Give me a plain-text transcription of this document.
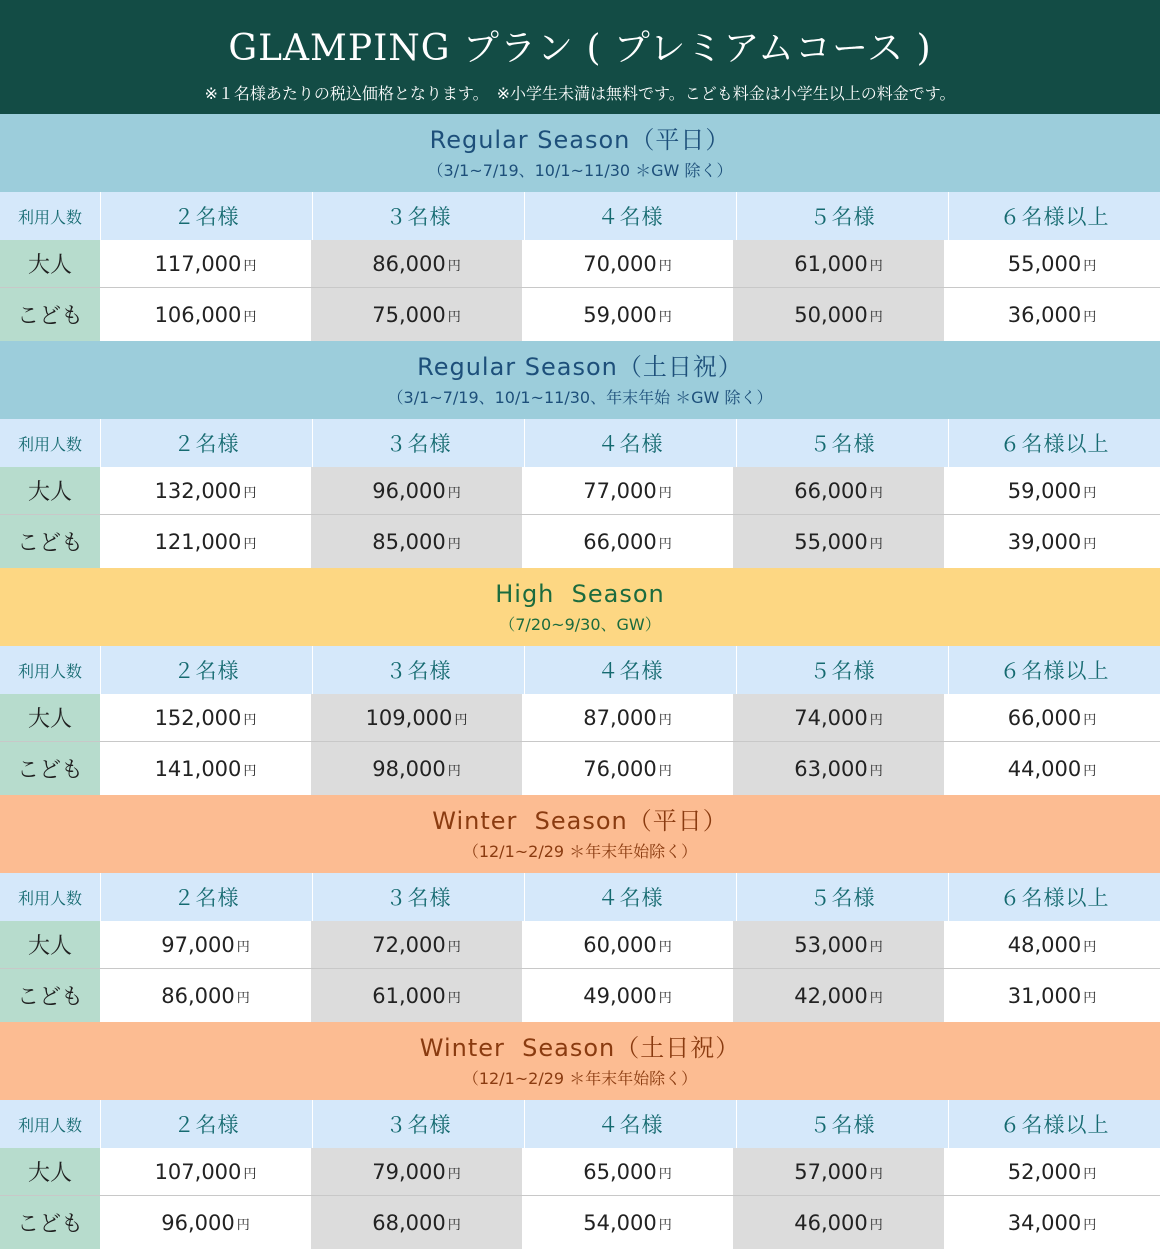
GLAMPING プラン ( プレミアムコース )
※１名様あたりの税込価格となります。　※小学生未満は無料です。こども料金は小学生以上の料金です。
Regular Season（平日）
（3/1~7/19、10/1~11/30 ＊GW 除く）
利用人数	２名様	３名様	４名様	５名様	６名様以上
大人	117,000 円	86,000 円	70,000 円	61,000 円	55,000 円
こども	106,000 円	75,000 円	59,000 円	50,000 円	36,000 円
Regular Season（土日祝）
（3/1~7/19、10/1~11/30、年末年始 ＊GW 除く）
利用人数	２名様	３名様	４名様	５名様	６名様以上
大人	132,000 円	96,000 円	77,000 円	66,000 円	59,000 円
こども	121,000 円	85,000 円	66,000 円	55,000 円	39,000 円
High  Season
（7/20~9/30、GW）
利用人数	２名様	３名様	４名様	５名様	６名様以上
大人	152,000 円	109,000 円	87,000 円	74,000 円	66,000 円
こども	141,000 円	98,000 円	76,000 円	63,000 円	44,000 円
Winter  Season（平日）
（12/1~2/29 ＊年末年始除く）
利用人数	２名様	３名様	４名様	５名様	６名様以上
大人	97,000 円	72,000 円	60,000 円	53,000 円	48,000 円
こども	86,000 円	61,000 円	49,000 円	42,000 円	31,000 円
Winter  Season（土日祝）
（12/1~2/29 ＊年末年始除く）
利用人数	２名様	３名様	４名様	５名様	６名様以上
大人	107,000 円	79,000 円	65,000 円	57,000 円	52,000 円
こども	96,000 円	68,000 円	54,000 円	46,000 円	34,000 円
